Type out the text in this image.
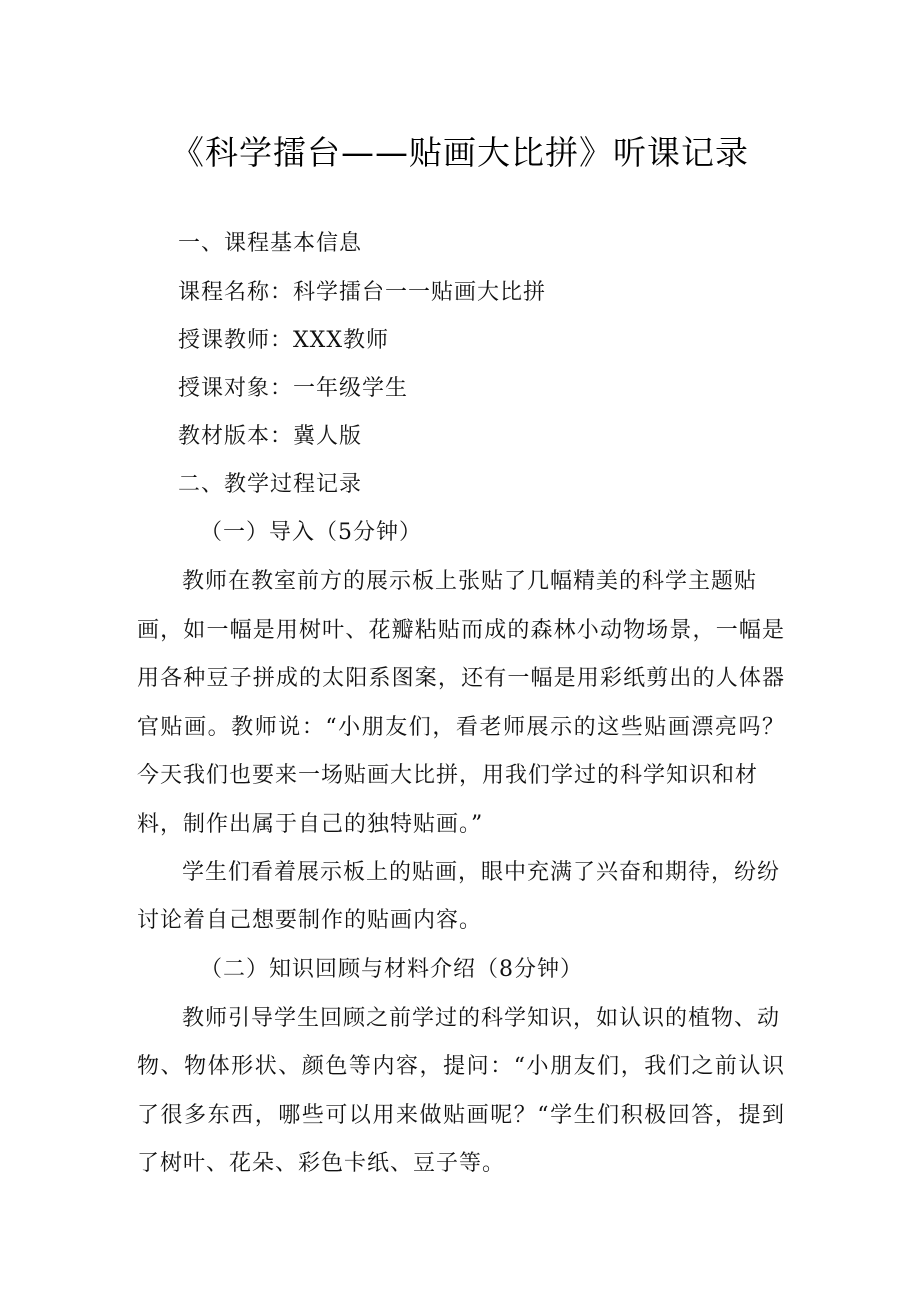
《科学擂台——贴画大比拼》听课记录
一、课程基本信息
课程名称：科学擂台一一贴画大比拼
授课教师：XXX教师
授课对象：一年级学生
教材版本：冀人版
二、教学过程记录
（一）导入（5分钟）
教师在教室前方的展示板上张贴了几幅精美的科学主题贴
画，如一幅是用树叶、花瓣粘贴而成的森林小动物场景，一幅是
用各种豆子拼成的太阳系图案，还有一幅是用彩纸剪出的人体器
官贴画。教师说：“小朋友们，看老师展示的这些贴画漂亮吗？
今天我们也要来一场贴画大比拼，用我们学过的科学知识和材
料，制作出属于自己的独特贴画。”
学生们看着展示板上的贴画，眼中充满了兴奋和期待，纷纷
讨论着自己想要制作的贴画内容。
（二）知识回顾与材料介绍（8分钟）
教师引导学生回顾之前学过的科学知识，如认识的植物、动
物、物体形状、颜色等内容，提问：“小朋友们，我们之前认识
了很多东西，哪些可以用来做贴画呢？“学生们积极回答，提到
了树叶、花朵、彩色卡纸、豆子等。
